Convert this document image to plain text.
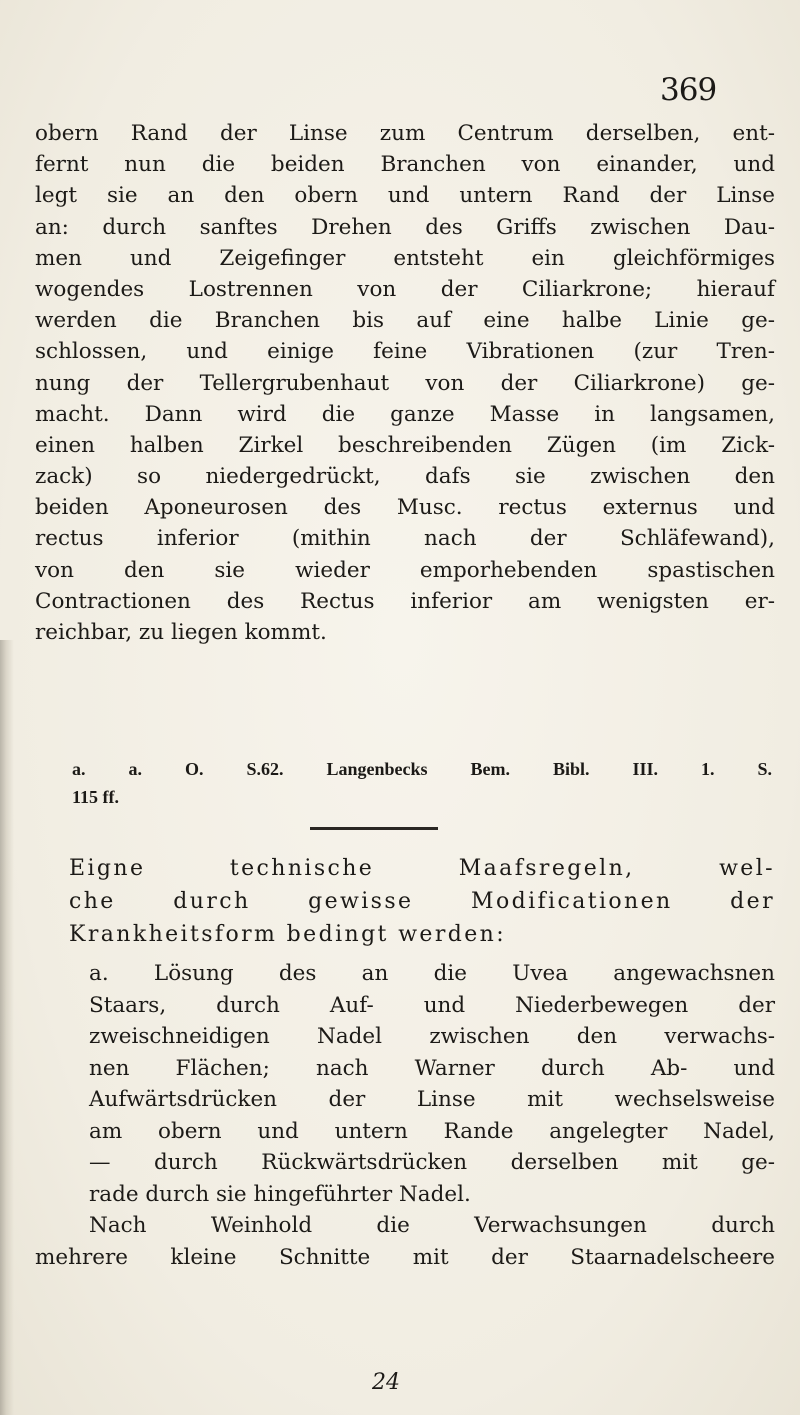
369
obern Rand der Linse zum Centrum derselben, ent-
fernt nun die beiden Branchen von einander, und
legt sie an den obern und untern Rand der Linse
an: durch sanftes Drehen des Griffs zwischen Dau-
men und Zeigefinger entsteht ein gleichförmiges
wogendes Lostrennen von der Ciliarkrone; hierauf
werden die Branchen bis auf eine halbe Linie ge-
schlossen, und einige feine Vibrationen (zur Tren-
nung der Tellergrubenhaut von der Ciliarkrone) ge-
macht. Dann wird die ganze Masse in langsamen,
einen halben Zirkel beschreibenden Zügen (im Zick-
zack) so niedergedrückt, dafs sie zwischen den
beiden Aponeurosen des Musc. rectus externus und
rectus inferior (mithin nach der Schläfewand),
von den sie wieder emporhebenden spastischen
Contractionen des Rectus inferior am wenigsten er-
reichbar, zu liegen kommt.
a. a. O. S.62. Langenbecks Bem. Bibl. III. 1. S.
115 ff.
Eigne technische Maafsregeln, wel-
che durch gewisse Modificationen der
Krankheitsform bedingt werden:
a. Lösung des an die Uvea angewachsnen
Staars, durch Auf- und Niederbewegen der
zweischneidigen Nadel zwischen den verwachs-
nen Flächen; nach Warner durch Ab- und
Aufwärtsdrücken der Linse mit wechselsweise
am obern und untern Rande angelegter Nadel,
— durch Rückwärtsdrücken derselben mit ge-
rade durch sie hingeführter Nadel.
Nach Weinhold die Verwachsungen durch
mehrere kleine Schnitte mit der Staarnadelscheere
24
